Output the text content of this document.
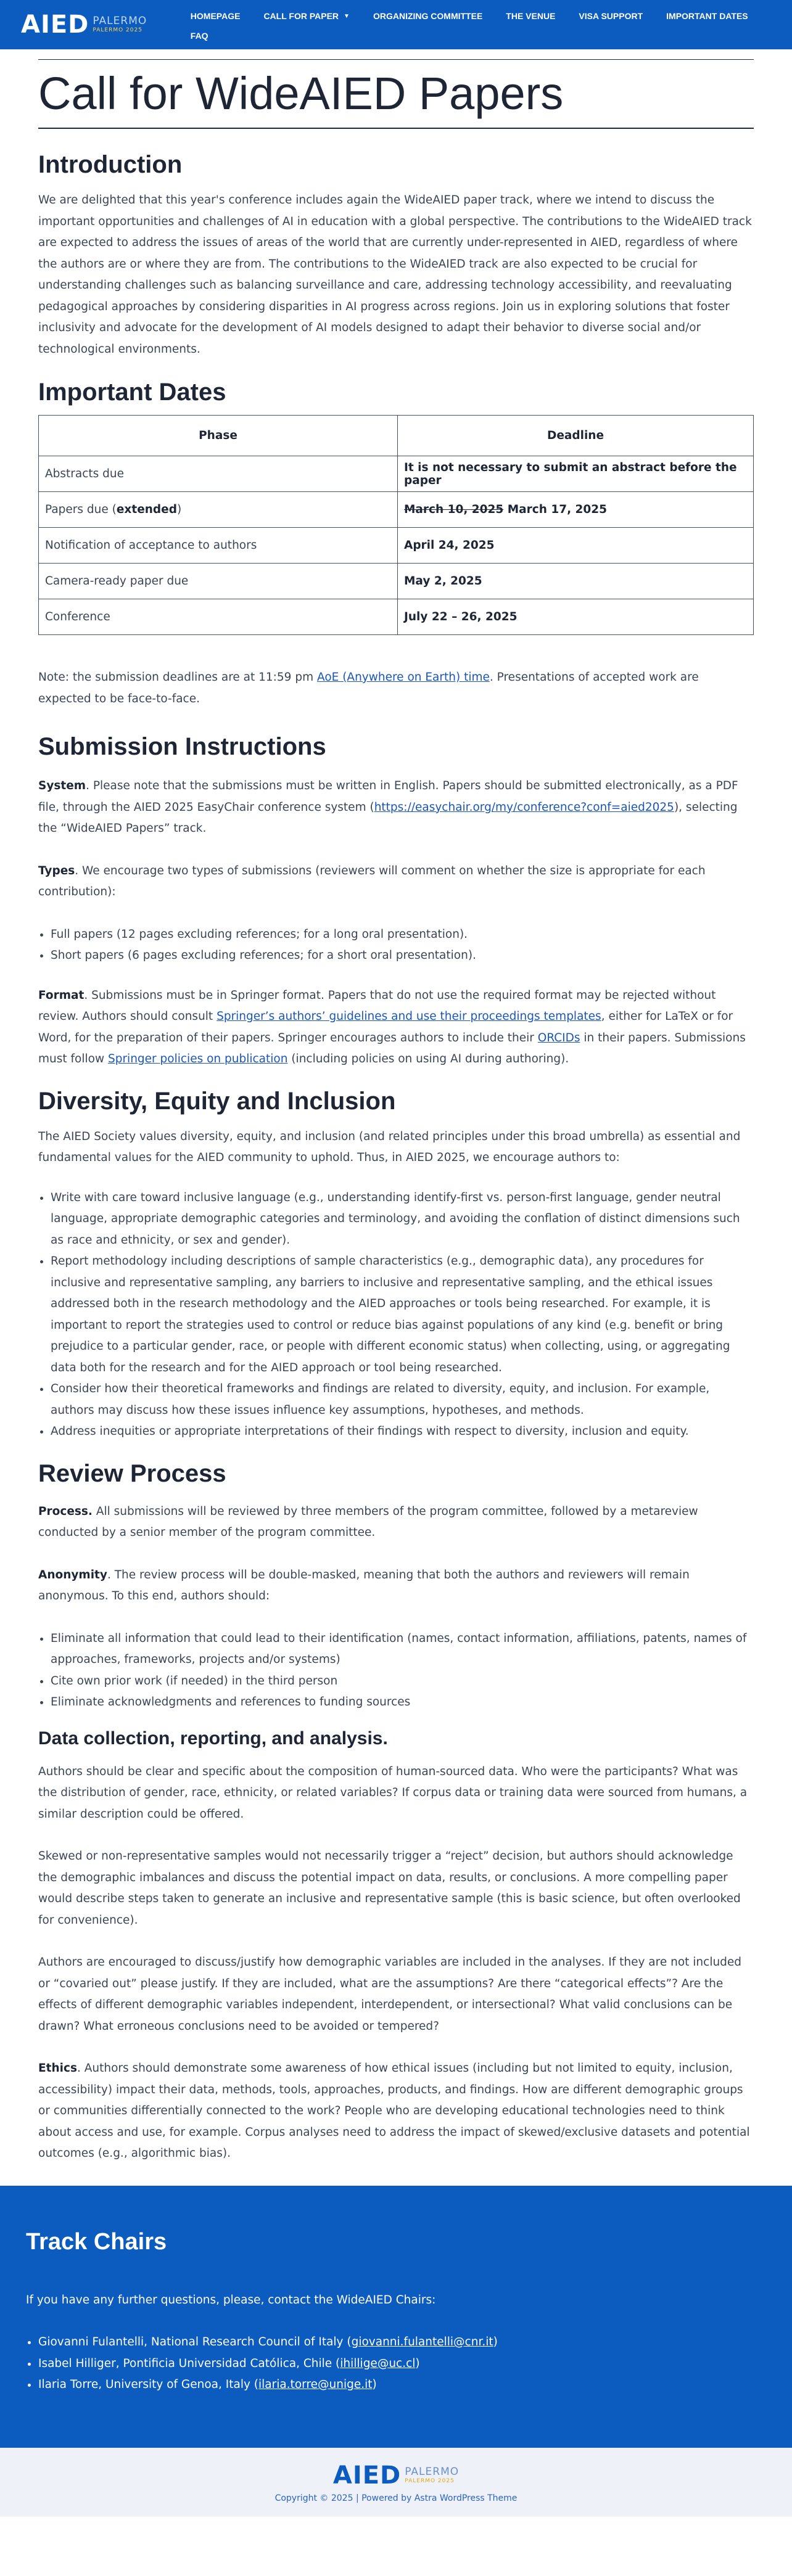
AIED PALERMO
PALERMO 2025
HOMEPAGE	CALL FOR PAPER ▼	ORGANIZING COMMITTEE	THE VENUE	VISA SUPPORT	IMPORTANT DATES
FAQ
Call for WideAIED Papers
Introduction

We are delighted that this year's conference includes again the WideAIED paper track, where we intend to discuss the important opportunities and challenges of AI in education with a global perspective. The contributions to the WideAIED track are expected to address the issues of areas of the world that are currently under-represented in AIED, regardless of where the authors are or where they are from. The contributions to the WideAIED track are also expected to be crucial for understanding challenges such as balancing surveillance and care, addressing technology accessibility, and reevaluating pedagogical approaches by considering disparities in AI progress across regions. Join us in exploring solutions that foster inclusivity and advocate for the development of AI models designed to adapt their behavior to diverse social and/or technological environments.

Important Dates
Phase	Deadline
Abstracts due	It is not necessary to submit an abstract before the paper
Papers due (extended)	March 10, 2025 March 17, 2025
Notification of acceptance to authors	April 24, 2025
Camera-ready paper due	May 2, 2025
Conference	July 22 – 26, 2025

Note: the submission deadlines are at 11:59 pm AoE (Anywhere on Earth) time. Presentations of accepted work are expected to be face-to-face.

Submission Instructions

System. Please note that the submissions must be written in English. Papers should be submitted electronically, as a PDF file, through the AIED 2025 EasyChair conference system (https://easychair.org/my/conference?conf=aied2025), selecting the “WideAIED Papers” track.

Types. We encourage two types of submissions (reviewers will comment on whether the size is appropriate for each contribution):

• Full papers (12 pages excluding references; for a long oral presentation).
• Short papers (6 pages excluding references; for a short oral presentation).

Format. Submissions must be in Springer format. Papers that do not use the required format may be rejected without review. Authors should consult Springer’s authors’ guidelines and use their proceedings templates, either for LaTeX or for Word, for the preparation of their papers. Springer encourages authors to include their ORCIDs in their papers. Submissions must follow Springer policies on publication (including policies on using AI during authoring).

Diversity, Equity and Inclusion

The AIED Society values diversity, equity, and inclusion (and related principles under this broad umbrella) as essential and fundamental values for the AIED community to uphold. Thus, in AIED 2025, we encourage authors to:

• Write with care toward inclusive language (e.g., understanding identify-first vs. person-first language, gender neutral language, appropriate demographic categories and terminology, and avoiding the conflation of distinct dimensions such as race and ethnicity, or sex and gender).
• Report methodology including descriptions of sample characteristics (e.g., demographic data), any procedures for inclusive and representative sampling, any barriers to inclusive and representative sampling, and the ethical issues addressed both in the research methodology and the AIED approaches or tools being researched. For example, it is important to report the strategies used to control or reduce bias against populations of any kind (e.g. benefit or bring prejudice to a particular gender, race, or people with different economic status) when collecting, using, or aggregating data both for the research and for the AIED approach or tool being researched.
• Consider how their theoretical frameworks and findings are related to diversity, equity, and inclusion. For example, authors may discuss how these issues influence key assumptions, hypotheses, and methods.
• Address inequities or appropriate interpretations of their findings with respect to diversity, inclusion and equity.
Review Process

Process. All submissions will be reviewed by three members of the program committee, followed by a metareview conducted by a senior member of the program committee.

Anonymity. The review process will be double-masked, meaning that both the authors and reviewers will remain anonymous. To this end, authors should:

• Eliminate all information that could lead to their identification (names, contact information, affiliations, patents, names of approaches, frameworks, projects and/or systems)
• Cite own prior work (if needed) in the third person
• Eliminate acknowledgments and references to funding sources
Data collection, reporting, and analysis.

Authors should be clear and specific about the composition of human-sourced data. Who were the participants? What was the distribution of gender, race, ethnicity, or related variables? If corpus data or training data were sourced from humans, a similar description could be offered.

Skewed or non-representative samples would not necessarily trigger a “reject” decision, but authors should acknowledge the demographic imbalances and discuss the potential impact on data, results, or conclusions. A more compelling paper would describe steps taken to generate an inclusive and representative sample (this is basic science, but often overlooked for convenience).

Authors are encouraged to discuss/justify how demographic variables are included in the analyses. If they are not included or “covaried out” please justify. If they are included, what are the assumptions? Are there “categorical effects”? Are the effects of different demographic variables independent, interdependent, or intersectional? What valid conclusions can be drawn? What erroneous conclusions need to be avoided or tempered?

Ethics. Authors should demonstrate some awareness of how ethical issues (including but not limited to equity, inclusion, accessibility) impact their data, methods, tools, approaches, products, and findings. How are different demographic groups or communities differentially connected to the work? People who are developing educational technologies need to think about access and use, for example. Corpus analyses need to address the impact of skewed/exclusive datasets and potential outcomes (e.g., algorithmic bias).

Track Chairs

If you have any further questions, please, contact the WideAIED Chairs:

• Giovanni Fulantelli, National Research Council of Italy (giovanni.fulantelli@cnr.it)
• Isabel Hilliger, Pontificia Universidad Católica, Chile (ihillige@uc.cl)
• Ilaria Torre, University of Genoa, Italy (ilaria.torre@unige.it)
AIED PALERMO
PALERMO 2025
Copyright © 2025 | Powered by Astra WordPress Theme
